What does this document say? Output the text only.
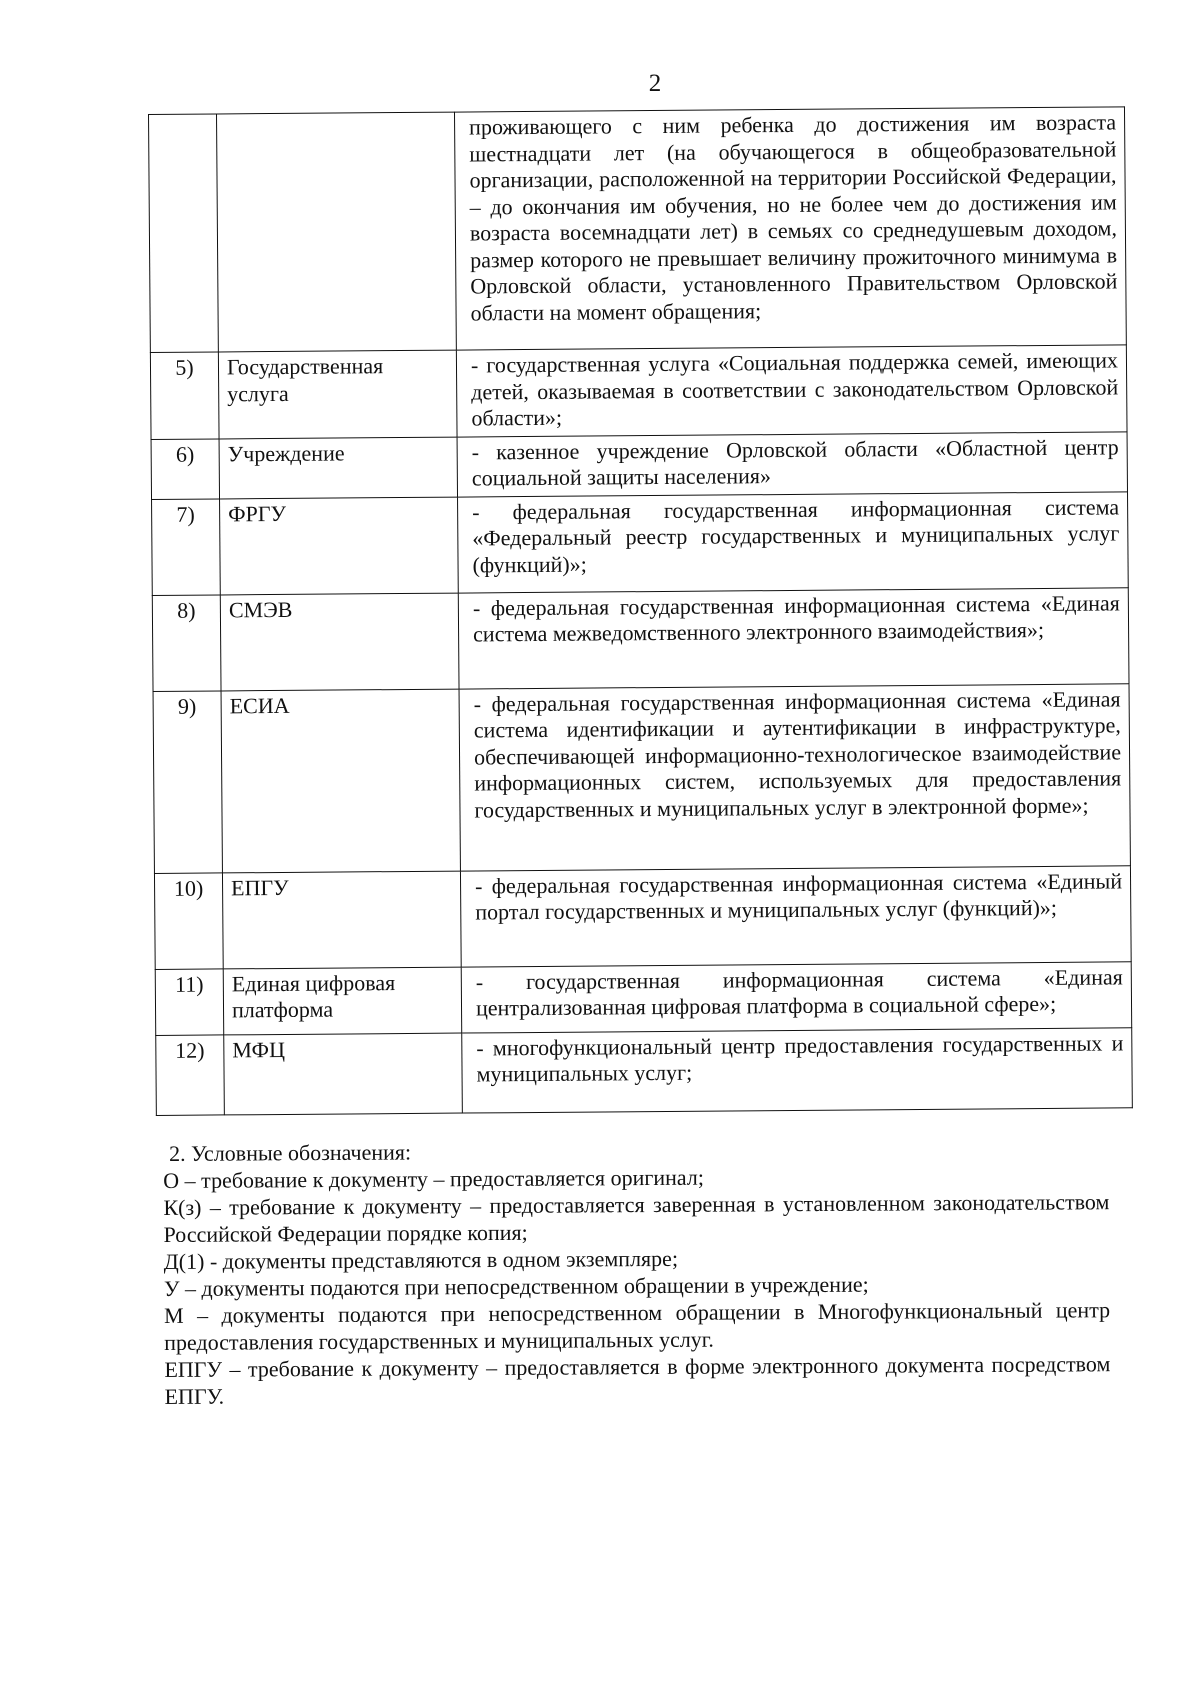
2
		проживающего с ним ребенка до достижения им возраста шестнадцати лет (на обучающегося в общеобразовательной организации, расположенной на территории Российской Федерации, – до окончания им обучения, но не более чем до достижения им возраста восемнадцати лет) в семьях со среднедушевым доходом, размер которого не превышает величину прожиточного минимума в Орловской области, установленного Правительством Орловской области на момент обращения;
5)	Государственная услуга	- государственная услуга «Социальная поддержка семей, имеющих детей, оказываемая в соответствии с законодательством Орловской области»;
6)	Учреждение	- казенное учреждение Орловской области «Областной центр социальной защиты населения»
7)	ФРГУ	- федеральная государственная информационная система «Федеральный реестр государственных и муниципальных услуг (функций)»;
8)	СМЭВ	- федеральная государственная информационная система «Единая система межведомственного электронного взаимодействия»;
9)	ЕСИА	- федеральная государственная информационная система «Единая система идентификации и аутентификации в инфраструктуре, обеспечивающей информационно-технологическое взаимодействие информационных систем, используемых для предоставления государственных и муниципальных услуг в электронной форме»;
10)	ЕПГУ	- федеральная государственная информационная система «Единый портал государственных и муниципальных услуг (функций)»;
11)	Единая цифровая платформа	- государственная информационная система «Единая централизованная цифровая платформа в социальной сфере»;
12)	МФЦ	- многофункциональный центр предоставления государственных и муниципальных услуг;

2. Условные обозначения:

О – требование к документу – предоставляется оригинал;

К(з) – требование к документу – предоставляется заверенная в установленном законодательством Российской Федерации порядке копия;

Д(1) - документы представляются в одном экземпляре;

У – документы подаются при непосредственном обращении в учреждение;

М – документы подаются при непосредственном обращении в Многофункциональный центр предоставления государственных и муниципальных услуг.

ЕПГУ – требование к документу – предоставляется в форме электронного документа посредством ЕПГУ.
